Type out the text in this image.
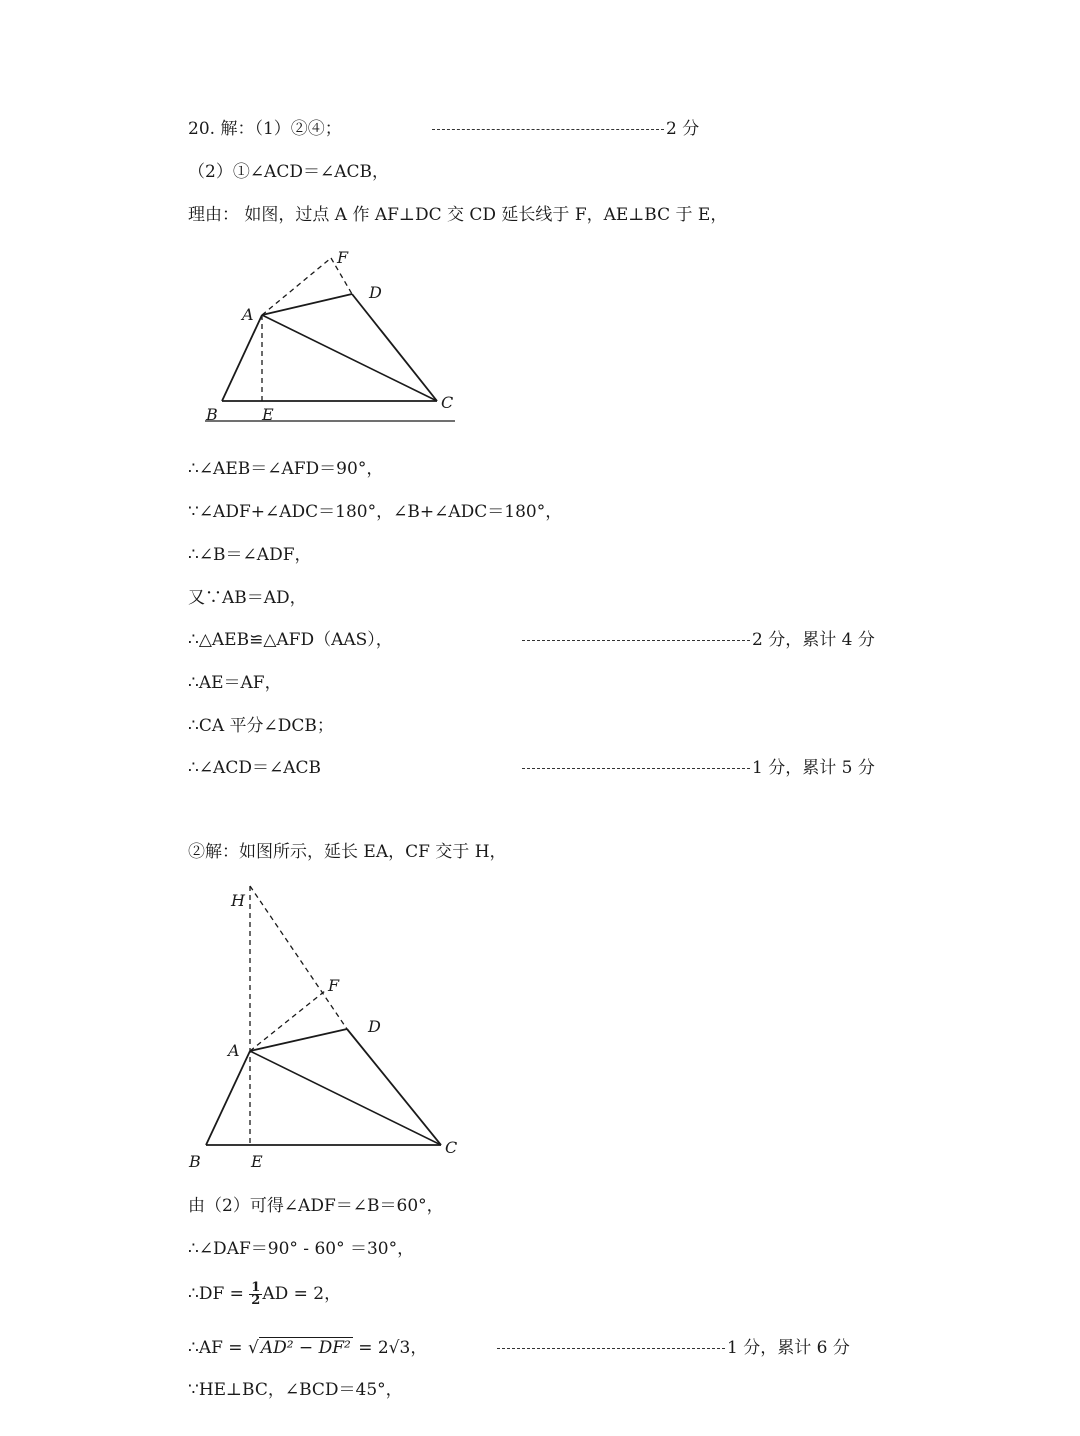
20. 解：（1）②④；	2 分
（2）①∠ACD＝∠ACB，
理由： 如图，过点 A 作 AF⊥DC 交 CD 延长线于 F，AE⊥BC 于 E，
∴∠AEB＝∠AFD＝90°，
∵∠ADF+∠ADC＝180°，∠B+∠ADC＝180°，
∴∠B＝∠ADF，
又∵AB＝AD，
∴△AEB≌△AFD（AAS），	2 分，累计 4 分
∴AE＝AF，
∴CA 平分∠DCB；
∴∠ACD＝∠ACB	1 分，累计 5 分
②解：如图所示，延长 EA，CF 交于 H，
由（2）可得∠ADF＝∠B＝60°，
∴∠DAF＝90° - 60° ＝30°，
∴DF = $\frac{1}{2}$ AD = 2，
∴AF = √ AD² − DF² = 2√3，	1 分，累计 6 分
∵HE⊥BC，∠BCD＝45°，
F
D
A
B	E
C
H
F
D
A
B	E
C
